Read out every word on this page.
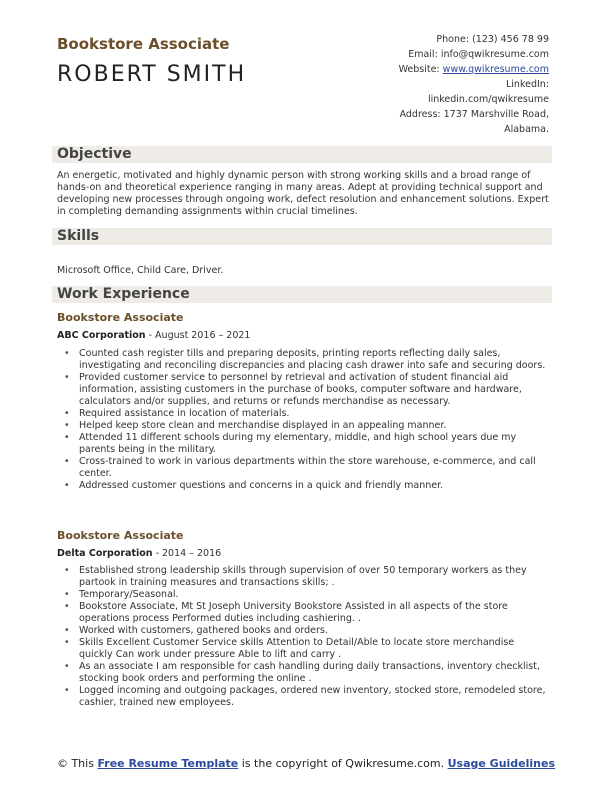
Bookstore Associate
ROBERT SMITH
Phone: (123) 456 78 99
Email: info@qwikresume.com
Website: www.qwikresume.com
LinkedIn:
linkedin.com/qwikresume
Address: 1737 Marshville Road,
Alabama.
Objective
An energetic, motivated and highly dynamic person with strong working skills and a broad range of hands-on and theoretical experience ranging in many areas. Adept at providing technical support and developing new processes through ongoing work, defect resolution and enhancement solutions. Expert in completing demanding assignments within crucial timelines.
Skills
Microsoft Office, Child Care, Driver.
Work Experience
Bookstore Associate
ABC Corporation - August 2016 – 2021
• Counted cash register tills and preparing deposits, printing reports reflecting daily sales, investigating and reconciling discrepancies and placing cash drawer into safe and securing doors.
• Provided customer service to personnel by retrieval and activation of student financial aid information, assisting customers in the purchase of books, computer software and hardware, calculators and/or supplies, and returns or refunds merchandise as necessary.
• Required assistance in location of materials.
• Helped keep store clean and merchandise displayed in an appealing manner.
• Attended 11 different schools during my elementary, middle, and high school years due my parents being in the military.
• Cross-trained to work in various departments within the store warehouse, e-commerce, and call center.
• Addressed customer questions and concerns in a quick and friendly manner.
Bookstore Associate
Delta Corporation - 2014 – 2016
• Established strong leadership skills through supervision of over 50 temporary workers as they partook in training measures and transactions skills; .
• Temporary/Seasonal.
• Bookstore Associate, Mt St Joseph University Bookstore Assisted in all aspects of the store operations process Performed duties including cashiering. .
• Worked with customers, gathered books and orders.
• Skills Excellent Customer Service skills Attention to Detail/Able to locate store merchandise quickly Can work under pressure Able to lift and carry .
• As an associate I am responsible for cash handling during daily transactions, inventory checklist, stocking book orders and performing the online .
• Logged incoming and outgoing packages, ordered new inventory, stocked store, remodeled store, cashier, trained new employees.
© This Free Resume Template is the copyright of Qwikresume.com. Usage Guidelines
